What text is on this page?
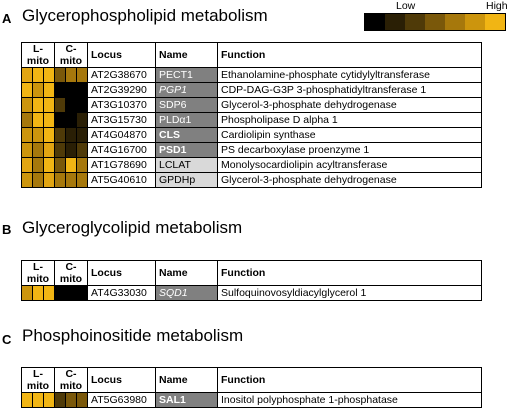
Low	High
A Glycerophospholipid metabolism
L-mito			C-mito			Locus	Name	Function
						AT2G38670	PECT1	Ethanolamine-phosphate cytidylyltransferase
						AT2G39290	PGP1	CDP-DAG-G3P 3-phosphatidyltransferase 1
						AT3G10370	SDP6	Glycerol-3-phosphate dehydrogenase
						AT3G15730	PLDα1	Phospholipase D alpha 1
						AT4G04870	CLS	Cardiolipin synthase
						AT4G16700	PSD1	PS decarboxylase proenzyme 1
						AT1G78690	LCLAT	Monolysocardiolipin acyltransferase
						AT5G40610	GPDHp	Glycerol-3-phosphate dehydrogenase
B Glyceroglycolipid metabolism
L-mito			C-mito			Locus	Name	Function
						AT4G33030	SQD1	Sulfoquinovosyldiacylglycerol 1
C Phosphoinositide metabolism
L-mito			C-mito			Locus	Name	Function
						AT5G63980	SAL1	Inositol polyphosphate 1-phosphatase
